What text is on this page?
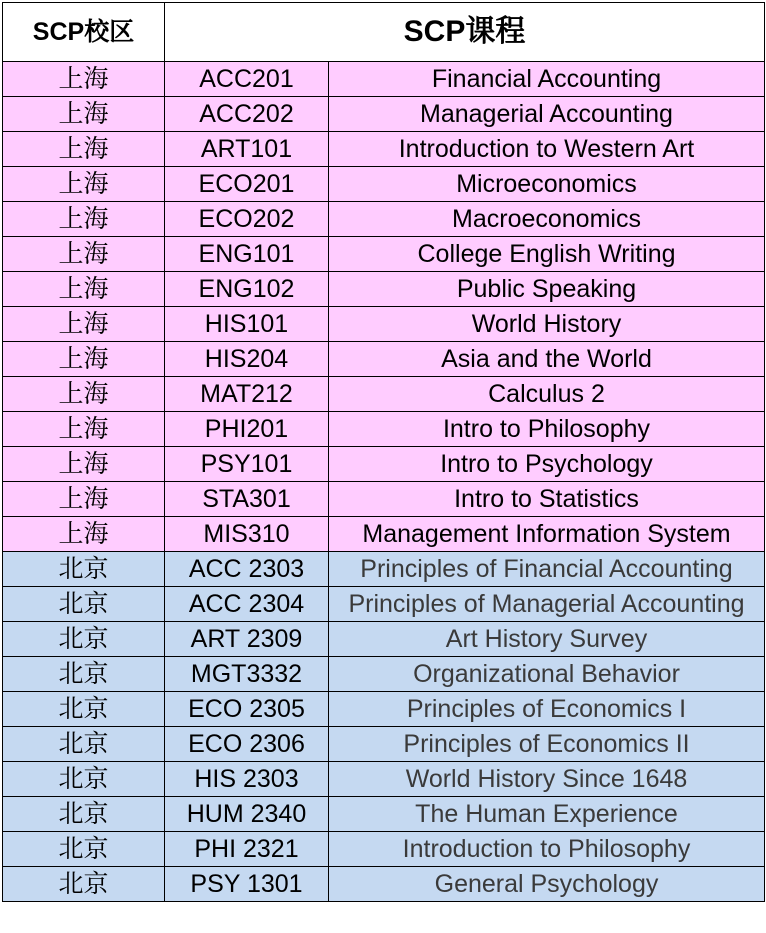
SCP校区	SCP课程	
上海	ACC201	Financial Accounting
上海	ACC202	Managerial Accounting
上海	ART101	Introduction to Western Art
上海	ECO201	Microeconomics
上海	ECO202	Macroeconomics
上海	ENG101	College English Writing
上海	ENG102	Public Speaking
上海	HIS101	World History
上海	HIS204	Asia and the World
上海	MAT212	Calculus 2
上海	PHI201	Intro to Philosophy
上海	PSY101	Intro to Psychology
上海	STA301	Intro to Statistics
上海	MIS310	Management Information System
北京	ACC 2303	Principles of Financial Accounting
北京	ACC 2304	Principles of Managerial Accounting
北京	ART 2309	Art History Survey
北京	MGT3332	Organizational Behavior
北京	ECO 2305	Principles of Economics I
北京	ECO 2306	Principles of Economics II
北京	HIS 2303	World History Since 1648
北京	HUM 2340	The Human Experience
北京	PHI 2321	Introduction to Philosophy
北京	PSY 1301	General Psychology
